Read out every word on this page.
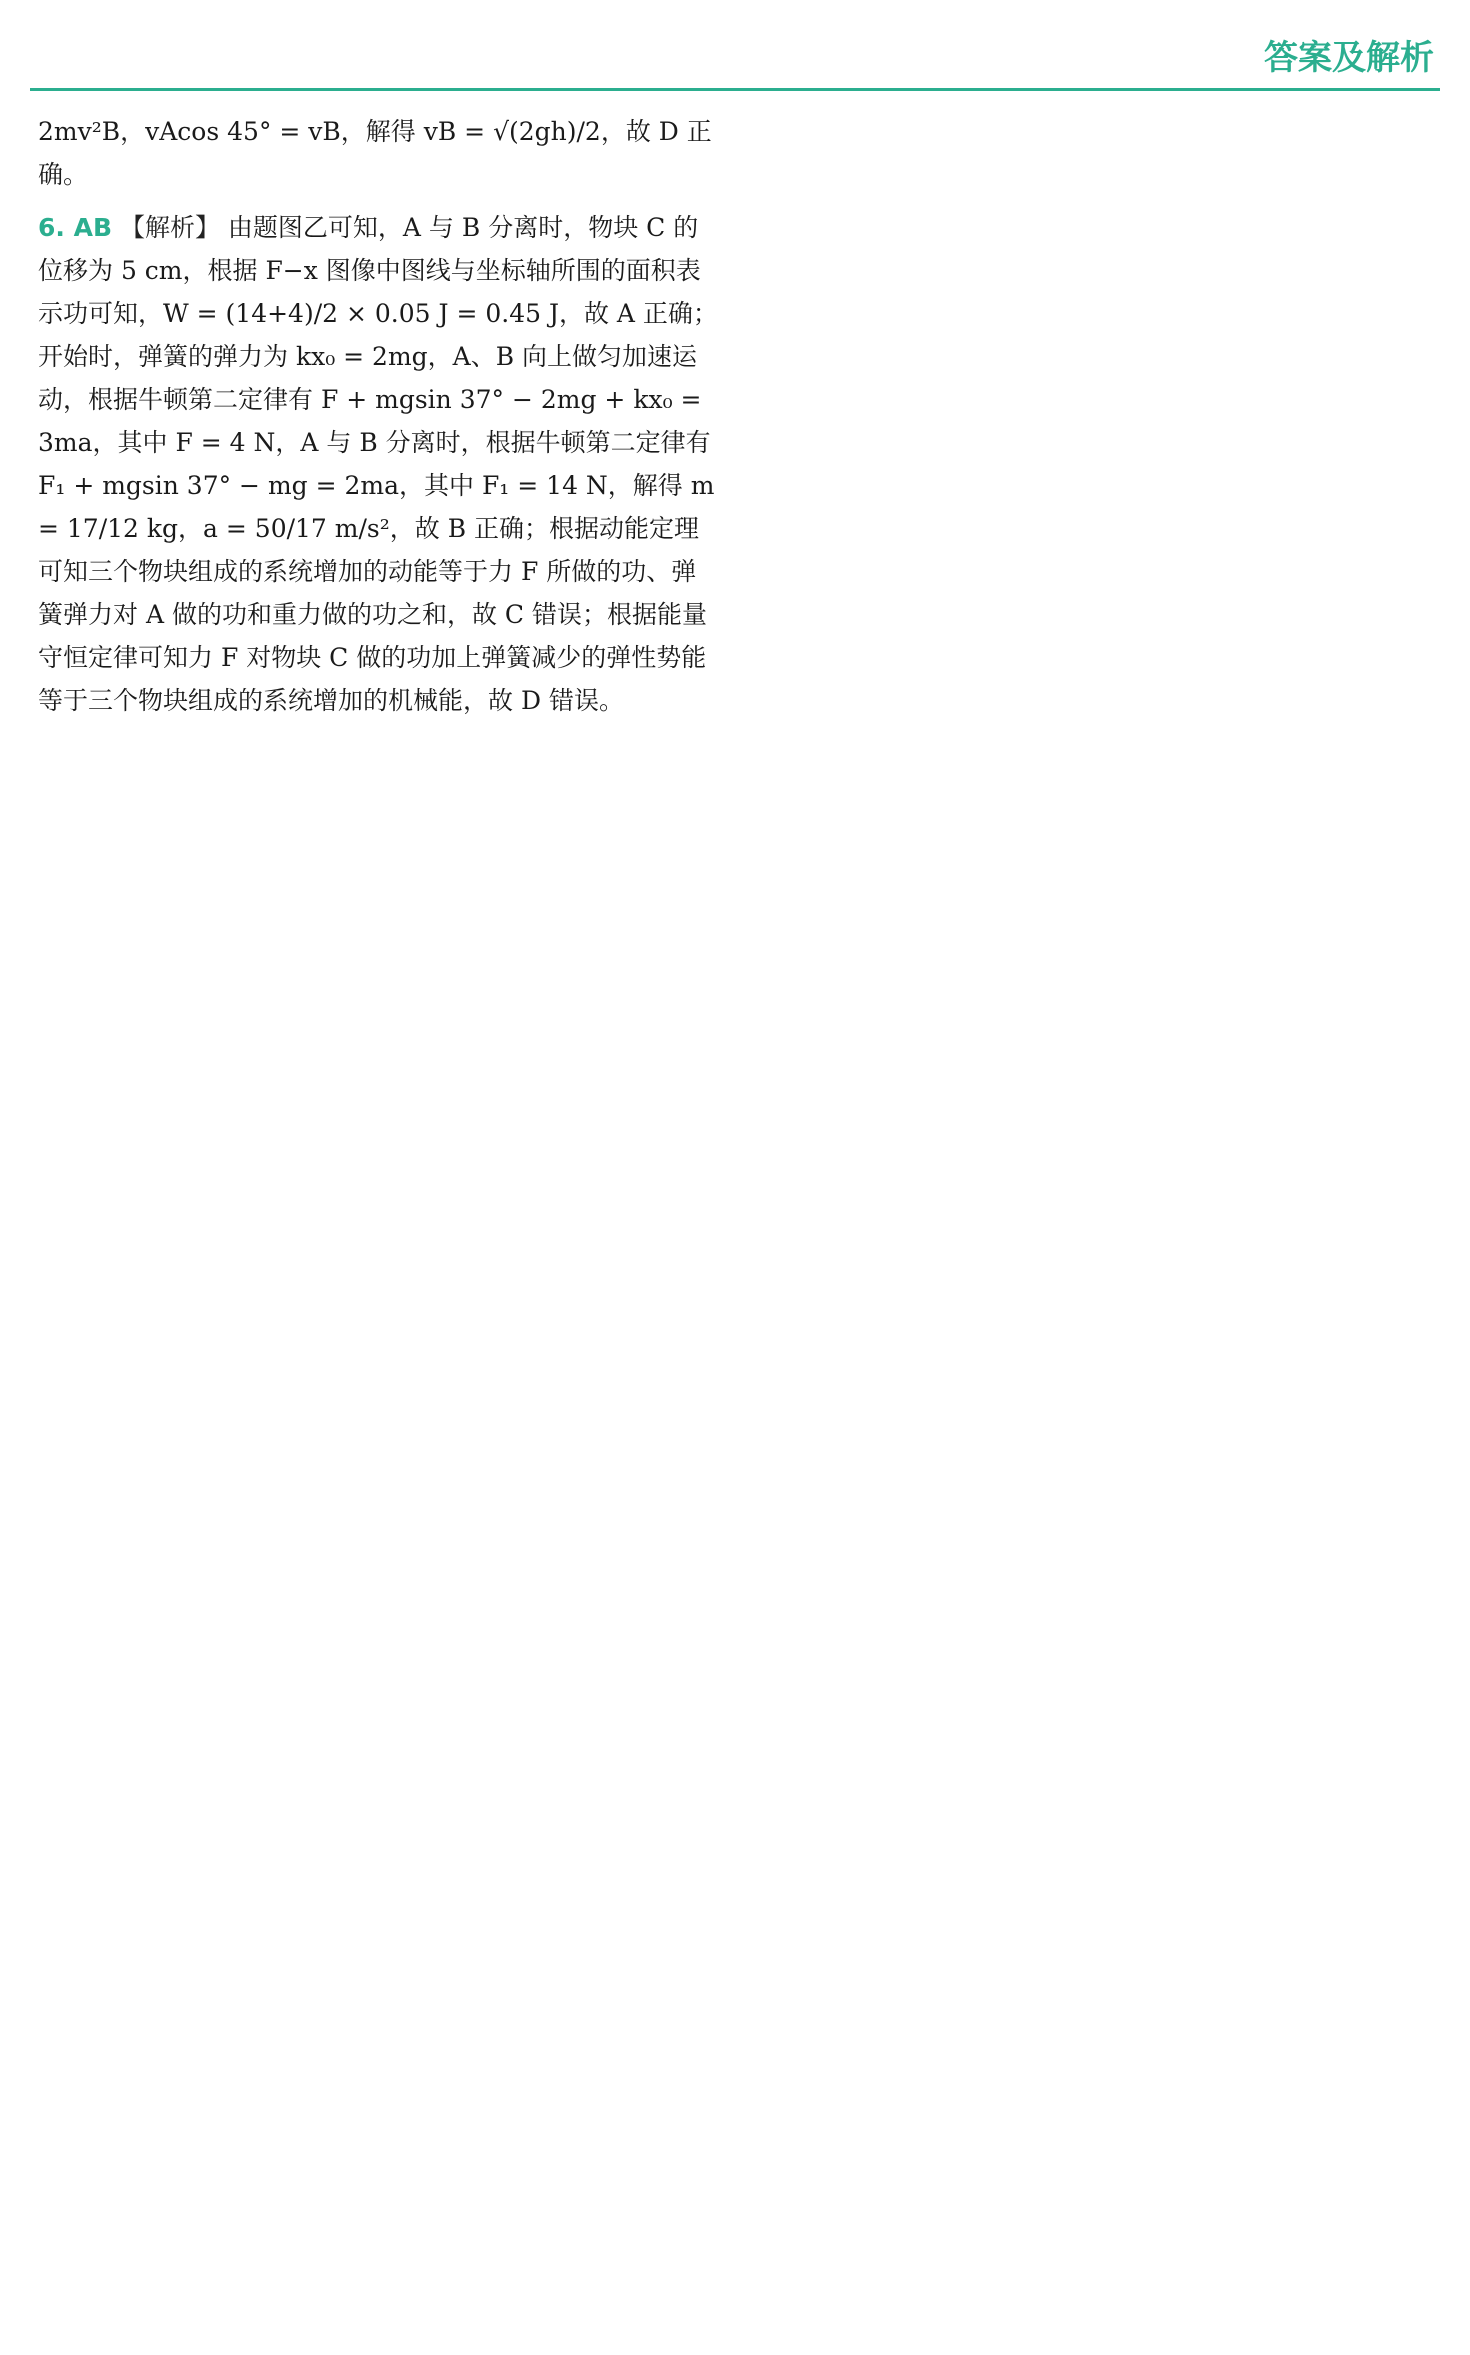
答案及解析

2mv²B，vAcos 45° = vB，解得 vB = √(2gh)/2，故 D 正确。

6. AB 【解析】 由题图乙可知，A 与 B 分离时，物块 C 的位移为 5 cm，根据 F−x 图像中图线与坐标轴所围的面积表示功可知，W = (14+4)/2 × 0.05 J = 0.45 J，故 A 正确；开始时，弹簧的弹力为 kx₀ = 2mg，A、B 向上做匀加速运动，根据牛顿第二定律有 F + mgsin 37° − 2mg + kx₀ = 3ma，其中 F = 4 N，A 与 B 分离时，根据牛顿第二定律有 F₁ + mgsin 37° − mg = 2ma，其中 F₁ = 14 N，解得 m = 17/12 kg，a = 50/17 m/s²，故 B 正确；根据动能定理可知三个物块组成的系统增加的动能等于力 F 所做的功、弹簧弹力对 A 做的功和重力做的功之和，故 C 错误；根据能量守恒定律可知力 F 对物块 C 做的功加上弹簧减少的弹性势能等于三个物块组成的系统增加的机械能，故 D 错误。
